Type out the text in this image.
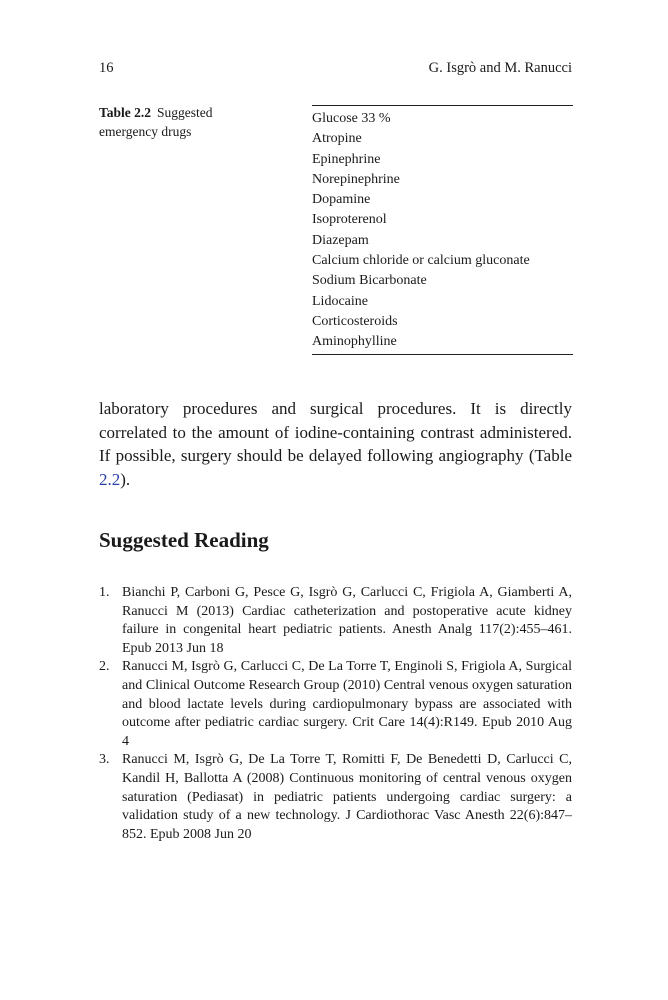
16	G. Isgrò and M. Ranucci
Table 2.2 Suggested emergency drugs
Glucose 33 %
Atropine
Epinephrine
Norepinephrine
Dopamine
Isoproterenol
Diazepam
Calcium chloride or calcium gluconate
Sodium Bicarbonate
Lidocaine
Corticosteroids
Aminophylline

laboratory procedures and surgical procedures. It is directly correlated to the amount of iodine-containing contrast administered. If possible, surgery should be delayed following angiography (Table 2.2).

Suggested Reading
1. Bianchi P, Carboni G, Pesce G, Isgrò G, Carlucci C, Frigiola A, Giamberti A, Ranucci M (2013) Cardiac catheterization and postoperative acute kidney failure in congenital heart pediatric patients. Anesth Analg 117(2):455–461. Epub 2013 Jun 18
2. Ranucci M, Isgrò G, Carlucci C, De La Torre T, Enginoli S, Frigiola A, Surgical and Clinical Outcome Research Group (2010) Central venous oxygen saturation and blood lactate levels during cardiopulmonary bypass are associated with outcome after pediatric cardiac surgery. Crit Care 14(4):R149. Epub 2010 Aug 4
3. Ranucci M, Isgrò G, De La Torre T, Romitti F, De Benedetti D, Carlucci C, Kandil H, Ballotta A (2008) Continuous monitoring of central venous oxygen saturation (Pediasat) in pediatric patients undergoing cardiac surgery: a validation study of a new technology. J Cardiothorac Vasc Anesth 22(6):847–852. Epub 2008 Jun 20
